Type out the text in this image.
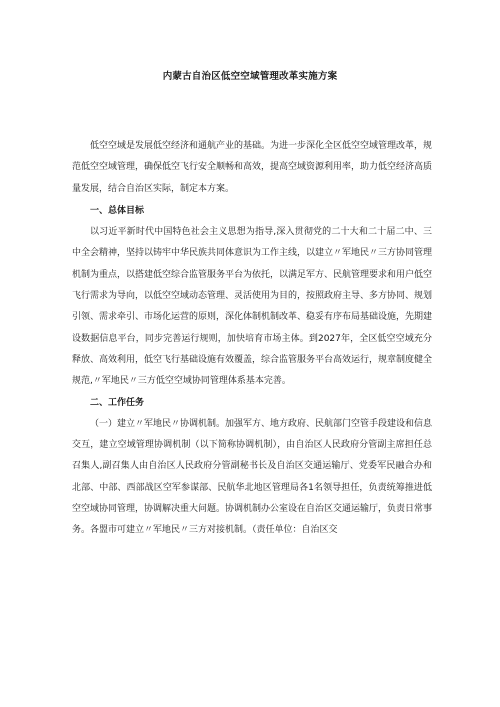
内蒙古自治区低空空域管理改革实施方案

低空空域是发展低空经济和通航产业的基础。为进一步深化全区低空空域管理改革，规范低空空域管理，确保低空飞行安全顺畅和高效，提高空域资源利用率，助力低空经济高质量发展，结合自治区实际，制定本方案。

一、总体目标

以习近平新时代中国特色社会主义思想为指导,深入贯彻党的二十大和二十届二中、三中全会精神，坚持以铸牢中华民族共同体意识为工作主线，以建立〃军地民〃三方协同管理机制为重点，以搭建低空综合监管服务平台为依托，以满足军方、民航管理要求和用户低空飞行需求为导向，以低空空域动态管理、灵活使用为目的，按照政府主导、多方协同、规划引领、需求牵引、市场化运营的原则，深化体制机制改革、稳妥有序布局基础设施，先期建设数据信息平台，同步完善运行规则，加快培育市场主体。到2027年，全区低空空域充分释放、高效利用，低空飞行基础设施有效覆盖，综合监管服务平台高效运行，规章制度健全规范,〃军地民〃三方低空空域协同管理体系基本完善。

二、工作任务

（一）建立〃军地民〃协调机制。加强军方、地方政府、民航部门空管手段建设和信息交互，建立空域管理协调机制（以下简称协调机制），由自治区人民政府分管副主席担任总召集人,副召集人由自治区人民政府分管副秘书长及自治区交通运输厅、党委军民融合办和北部、中部、西部战区空军参谋部、民航华北地区管理局各1名领导担任，负责统筹推进低空空域协同管理，协调解决重大问题。协调机制办公室设在自治区交通运输厅，负责日常事务。各盟市可建立〃军地民〃三方对接机制。（责任单位：自治区交
